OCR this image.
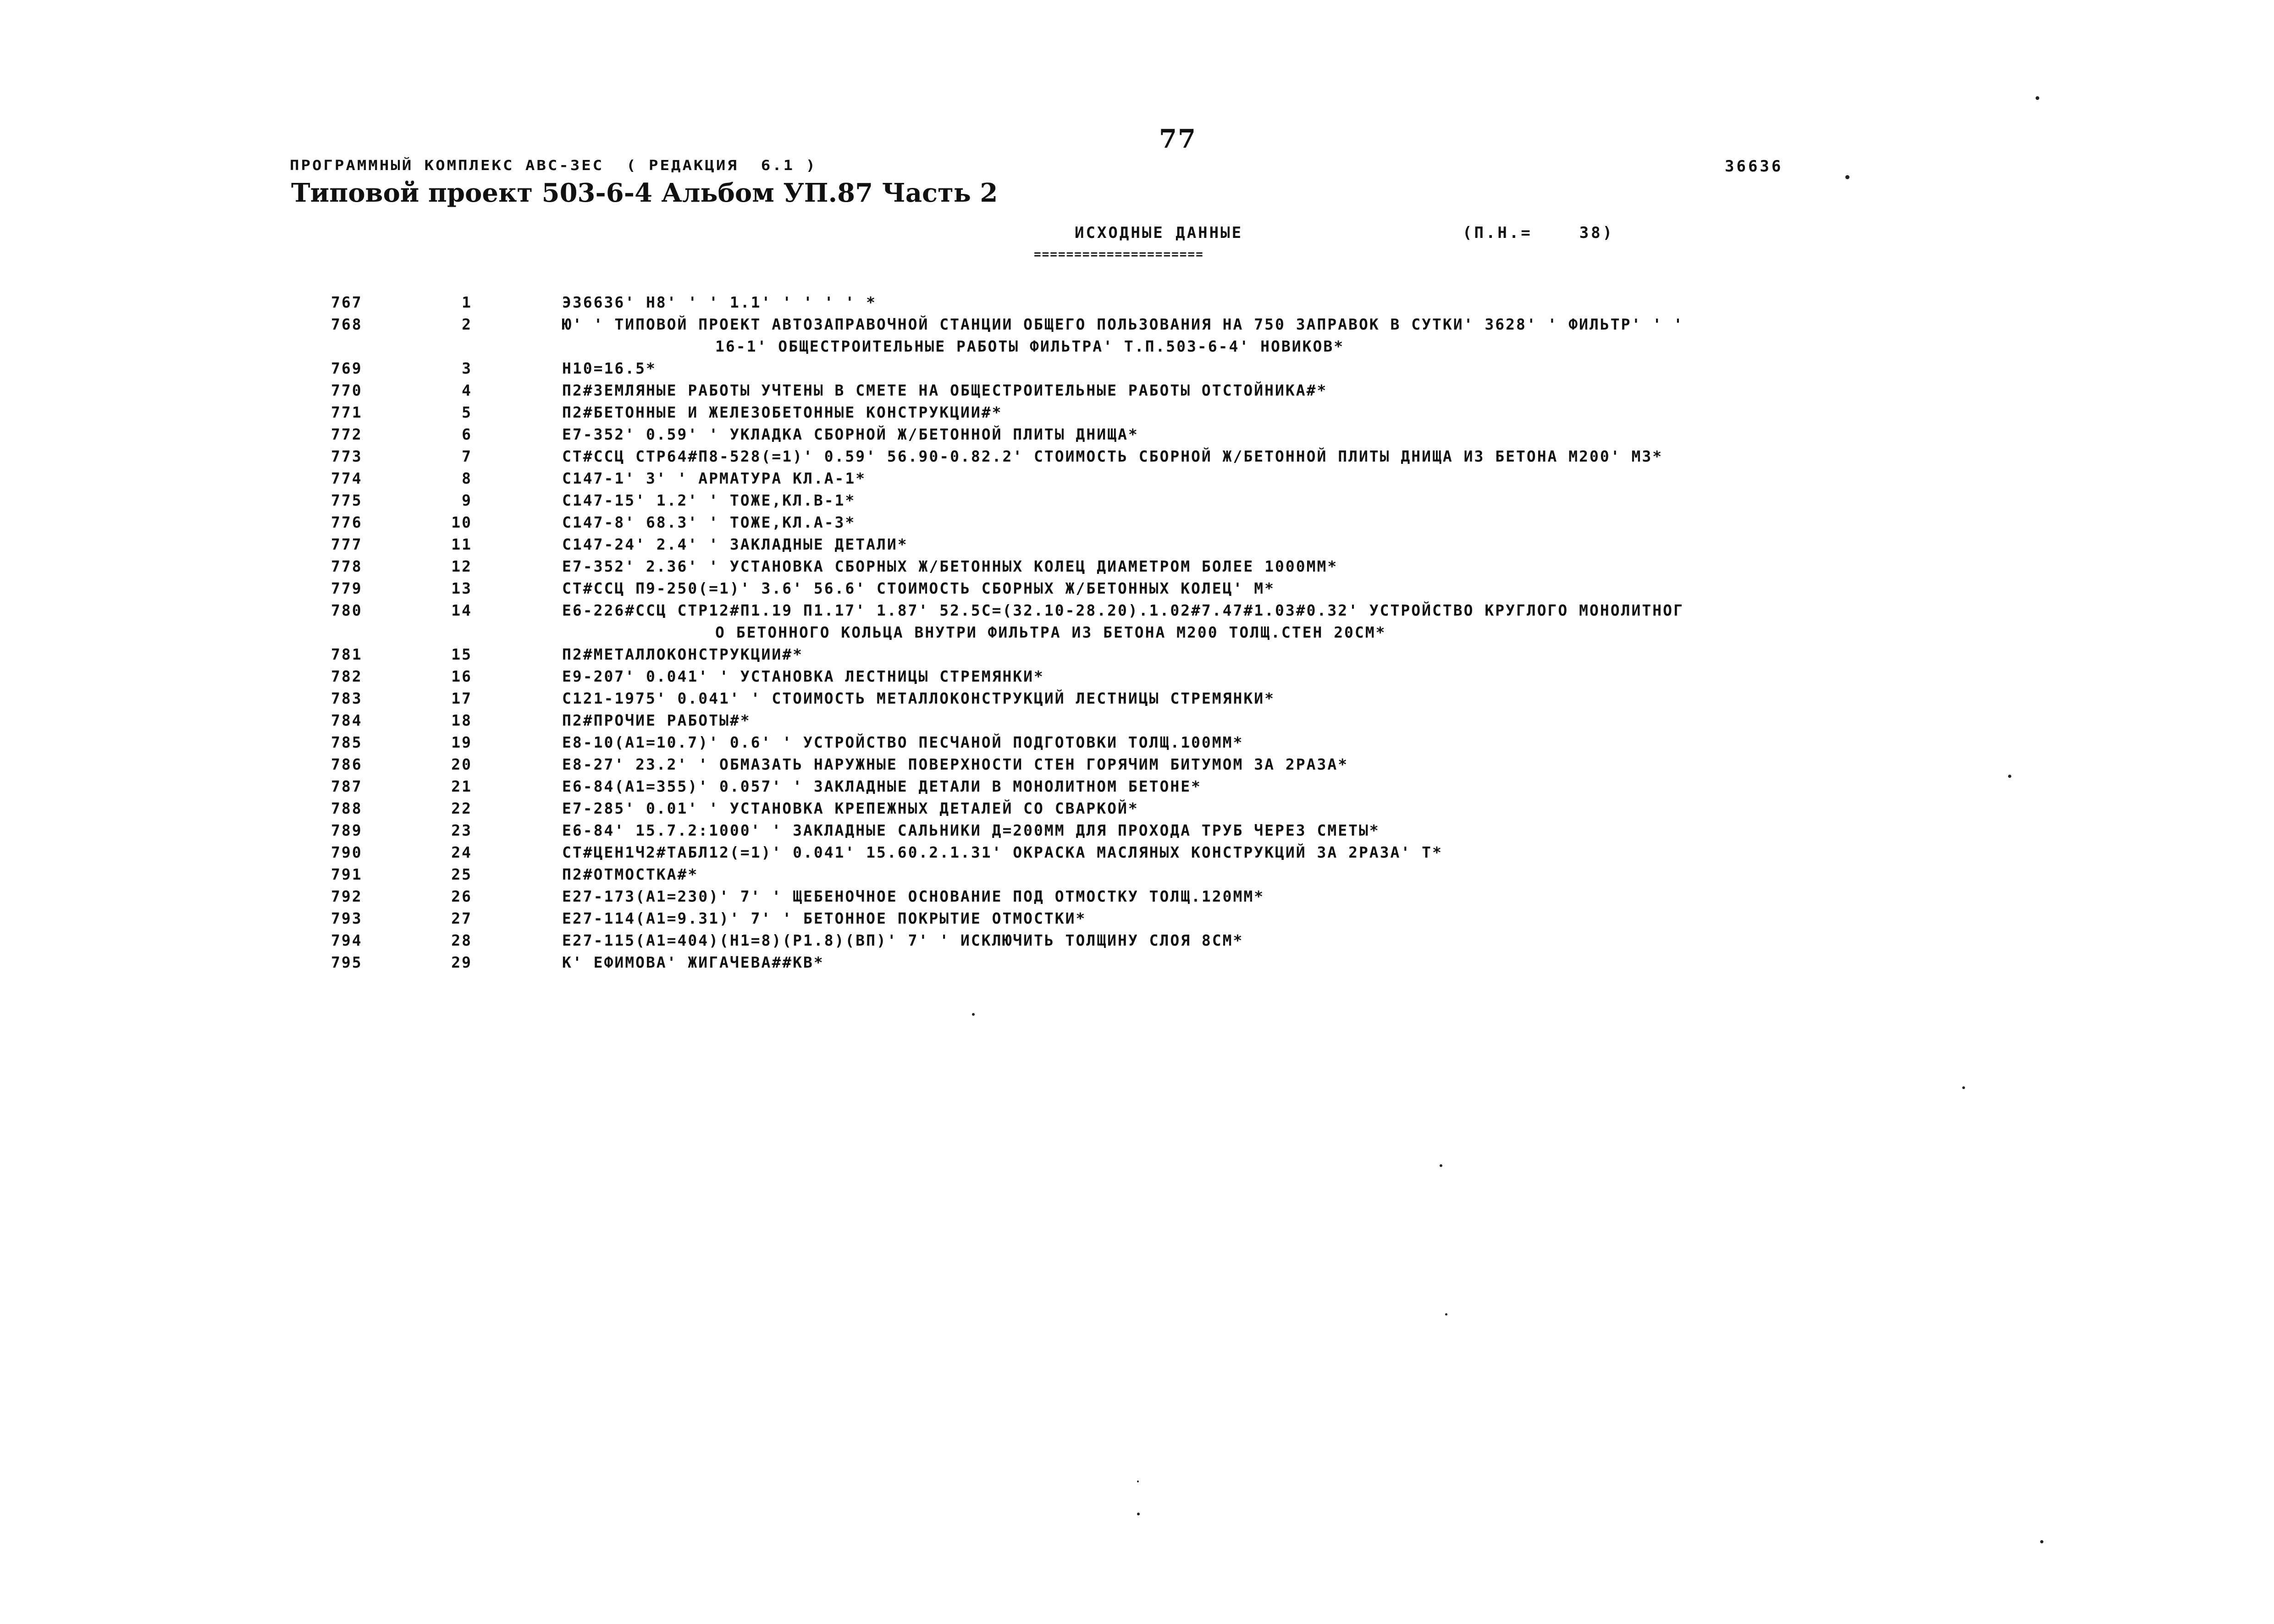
77
ПРОГРАММНЫЙ КОМПЛЕКС АВС-3ЕС  ( РЕДАКЦИЯ  6.1 )	36636
Типовой проект 503-6-4 Альбом УП.87 Часть 2
ИСХОДНЫЕ ДАННЫЕ
=====================
(П.Н.=    38)
767	1	Э36636' Н8' ' ' 1.1' ' ' ' ' *
768	2	Ю' ' ТИПОВОЙ ПРОЕКТ АВТОЗАПРАВОЧНОЙ СТАНЦИИ ОБЩЕГО ПОЛЬЗОВАНИЯ НА 750 ЗАПРАВОК В СУТКИ' 3628' ' ФИЛЬТР' ' '
16-1' ОБЩЕСТРОИТЕЛЬНЫЕ РАБОТЫ ФИЛЬТРА' Т.П.503-6-4' НОВИКОВ*
769	3	Н10=16.5*
770	4	П2#ЗЕМЛЯНЫЕ РАБОТЫ УЧТЕНЫ В СМЕТЕ НА ОБЩЕСТРОИТЕЛЬНЫЕ РАБОТЫ ОТСТОЙНИКА#*
771	5	П2#БЕТОННЫЕ И ЖЕЛЕЗОБЕТОННЫЕ КОНСТРУКЦИИ#*
772	6	Е7-352' 0.59' ' УКЛАДКА СБОРНОЙ Ж/БЕТОННОЙ ПЛИТЫ ДНИЩА*
773	7	СТ#ССЦ СТР64#П8-528(=1)' 0.59' 56.90-0.82.2' СТОИМОСТЬ СБОРНОЙ Ж/БЕТОННОЙ ПЛИТЫ ДНИЩА ИЗ БЕТОНА М200' М3*
774	8	С147-1' 3' ' АРМАТУРА КЛ.А-1*
775	9	С147-15' 1.2' ' ТОЖЕ,КЛ.В-1*
776	10	С147-8' 68.3' ' ТОЖЕ,КЛ.А-3*
777	11	С147-24' 2.4' ' ЗАКЛАДНЫЕ ДЕТАЛИ*
778	12	Е7-352' 2.36' ' УСТАНОВКА СБОРНЫХ Ж/БЕТОННЫХ КОЛЕЦ ДИАМЕТРОМ БОЛЕЕ 1000ММ*
779	13	СТ#ССЦ П9-250(=1)' 3.6' 56.6' СТОИМОСТЬ СБОРНЫХ Ж/БЕТОННЫХ КОЛЕЦ' М*
780	14	Е6-226#ССЦ СТР12#П1.19 П1.17' 1.87' 52.5С=(32.10-28.20).1.02#7.47#1.03#0.32' УСТРОЙСТВО КРУГЛОГО МОНОЛИТНОГ
О БЕТОННОГО КОЛЬЦА ВНУТРИ ФИЛЬТРА ИЗ БЕТОНА М200 ТОЛЩ.СТЕН 20СМ*
781	15	П2#МЕТАЛЛОКОНСТРУКЦИИ#*
782	16	Е9-207' 0.041' ' УСТАНОВКА ЛЕСТНИЦЫ СТРЕМЯНКИ*
783	17	С121-1975' 0.041' ' СТОИМОСТЬ МЕТАЛЛОКОНСТРУКЦИЙ ЛЕСТНИЦЫ СТРЕМЯНКИ*
784	18	П2#ПРОЧИЕ РАБОТЫ#*
785	19	Е8-10(А1=10.7)' 0.6' ' УСТРОЙСТВО ПЕСЧАНОЙ ПОДГОТОВКИ ТОЛЩ.100ММ*
786	20	Е8-27' 23.2' ' ОБМАЗАТЬ НАРУЖНЫЕ ПОВЕРХНОСТИ СТЕН ГОРЯЧИМ БИТУМОМ ЗА 2РАЗА*
787	21	Е6-84(А1=355)' 0.057' ' ЗАКЛАДНЫЕ ДЕТАЛИ В МОНОЛИТНОМ БЕТОНЕ*
788	22	Е7-285' 0.01' ' УСТАНОВКА КРЕПЕЖНЫХ ДЕТАЛЕЙ СО СВАРКОЙ*
789	23	Е6-84' 15.7.2:1000' ' ЗАКЛАДНЫЕ САЛЬНИКИ Д=200ММ ДЛЯ ПРОХОДА ТРУБ ЧЕРЕЗ СМЕТЫ*
790	24	СТ#ЦЕН1Ч2#ТАБЛ12(=1)' 0.041' 15.60.2.1.31' ОКРАСКА МАСЛЯНЫХ КОНСТРУКЦИЙ ЗА 2РАЗА' Т*
791	25	П2#ОТМОСТКА#*
792	26	Е27-173(А1=230)' 7' ' ЩЕБЕНОЧНОЕ ОСНОВАНИЕ ПОД ОТМОСТКУ ТОЛЩ.120ММ*
793	27	Е27-114(А1=9.31)' 7' ' БЕТОННОЕ ПОКРЫТИЕ ОТМОСТКИ*
794	28	Е27-115(А1=404)(Н1=8)(Р1.8)(ВП)' 7' ' ИСКЛЮЧИТЬ ТОЛЩИНУ СЛОЯ 8СМ*
795	29	К' ЕФИМОВА' ЖИГАЧЕВА##КВ*
